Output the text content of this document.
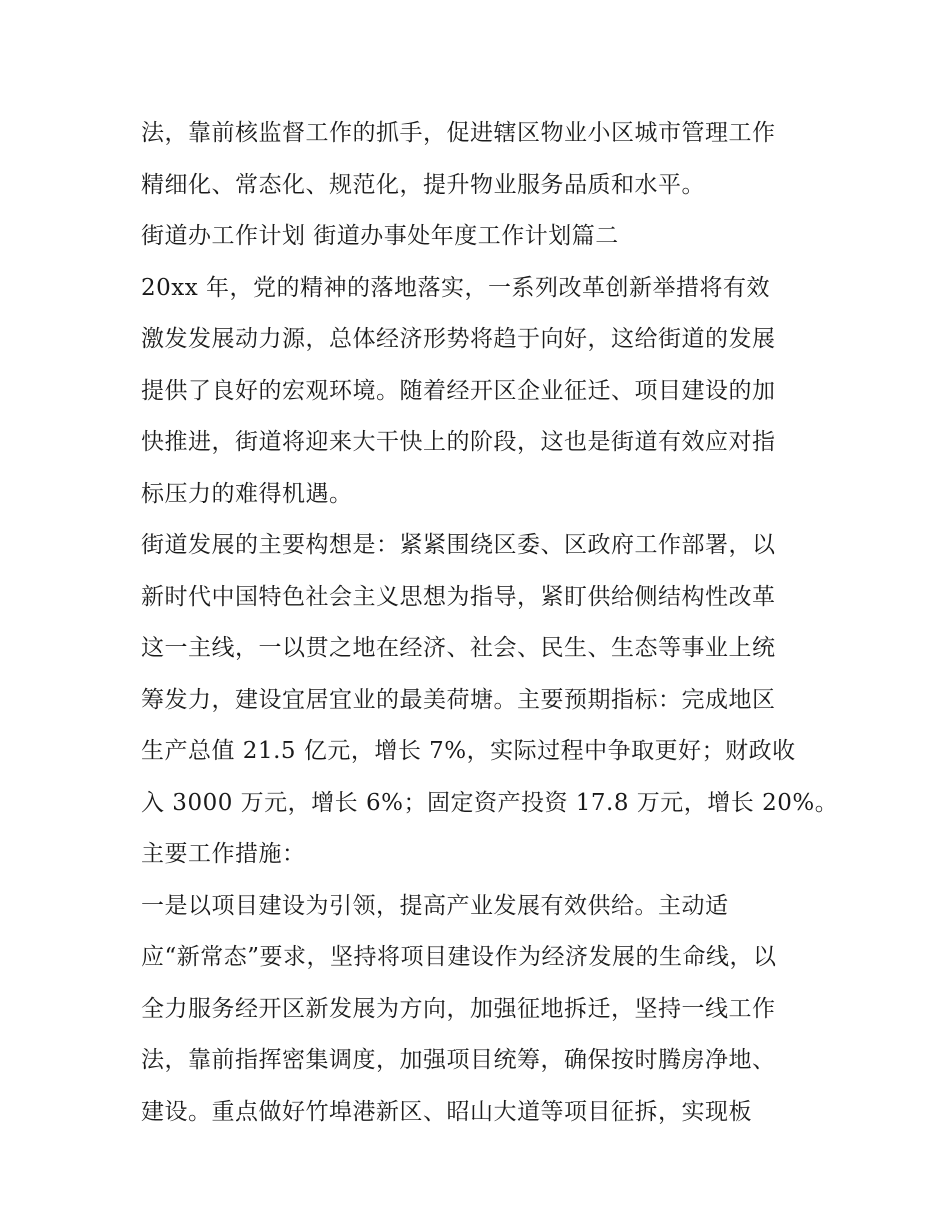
法，靠前核监督工作的抓手，促进辖区物业小区城市管理工作
精细化、常态化、规范化，提升物业服务品质和水平。
街道办工作计划 街道办事处年度工作计划篇二
20xx 年，党的精神的落地落实，一系列改革创新举措将有效
激发发展动力源，总体经济形势将趋于向好，这给街道的发展
提供了良好的宏观环境。随着经开区企业征迁、项目建设的加
快推进，街道将迎来大干快上的阶段，这也是街道有效应对指
标压力的难得机遇。
街道发展的主要构想是：紧紧围绕区委、区政府工作部署，以
新时代中国特色社会主义思想为指导，紧盯供给侧结构性改革
这一主线，一以贯之地在经济、社会、民生、生态等事业上统
筹发力，建设宜居宜业的最美荷塘。主要预期指标：完成地区
生产总值 21.5 亿元，增长 7%，实际过程中争取更好；财政收
入 3000 万元，增长 6%；固定资产投资 17.8 万元，增长 20%。
主要工作措施：
一是以项目建设为引领，提高产业发展有效供给。主动适
应“新常态”要求，坚持将项目建设作为经济发展的生命线，以
全力服务经开区新发展为方向，加强征地拆迁，坚持一线工作
法，靠前指挥密集调度，加强项目统筹，确保按时腾房净地、
建设。重点做好竹埠港新区、昭山大道等项目征拆，实现板
